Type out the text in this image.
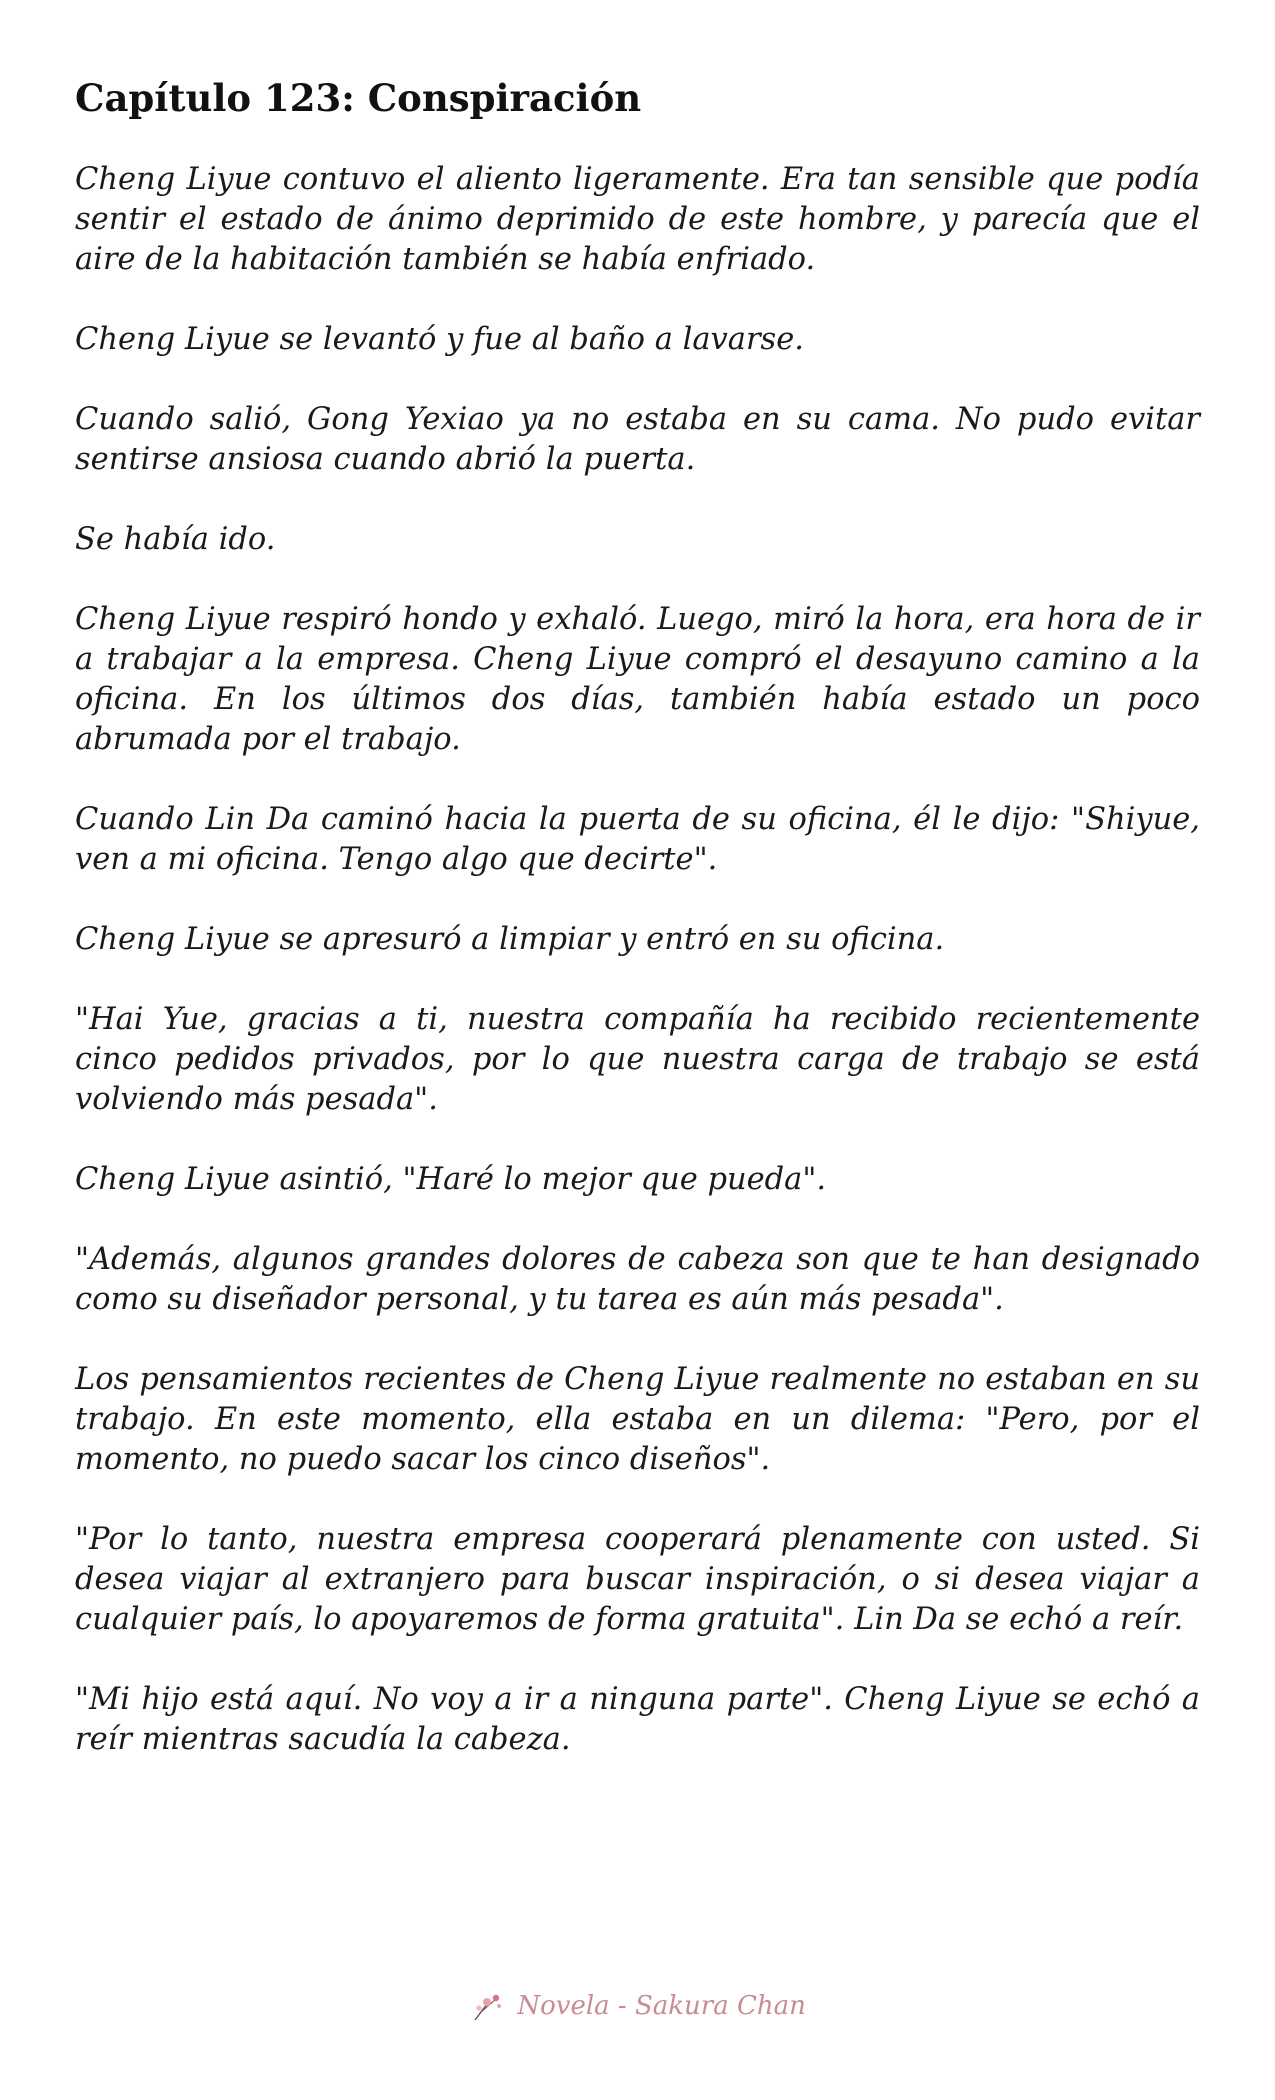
Capítulo 123: Conspiración

Cheng Liyue contuvo el aliento ligeramente. Era tan sensible que podía sentir el estado de ánimo deprimido de este hombre, y parecía que el aire de la habitación también se había enfriado.

Cheng Liyue se levantó y fue al baño a lavarse.

Cuando salió, Gong Yexiao ya no estaba en su cama. No pudo evitar sentirse ansiosa cuando abrió la puerta.

Se había ido.

Cheng Liyue respiró hondo y exhaló. Luego, miró la hora, era hora de ir a trabajar a la empresa. Cheng Liyue compró el desayuno camino a la oficina. En los últimos dos días, también había estado un poco abrumada por el trabajo.

Cuando Lin Da caminó hacia la puerta de su oficina, él le dijo: "Shiyue, ven a mi oficina. Tengo algo que decirte".

Cheng Liyue se apresuró a limpiar y entró en su oficina.

"Hai Yue, gracias a ti, nuestra compañía ha recibido recientemente cinco pedidos privados, por lo que nuestra carga de trabajo se está volviendo más pesada".

Cheng Liyue asintió, "Haré lo mejor que pueda".

"Además, algunos grandes dolores de cabeza son que te han designado como su diseñador personal, y tu tarea es aún más pesada".

Los pensamientos recientes de Cheng Liyue realmente no estaban en su trabajo. En este momento, ella estaba en un dilema: "Pero, por el momento, no puedo sacar los cinco diseños".

"Por lo tanto, nuestra empresa cooperará plenamente con usted. Si desea viajar al extranjero para buscar inspiración, o si desea viajar a cualquier país, lo apoyaremos de forma gratuita". Lin Da se echó a reír.

"Mi hijo está aquí. No voy a ir a ninguna parte". Cheng Liyue se echó a reír mientras sacudía la cabeza.

Novela - Sakura Chan
